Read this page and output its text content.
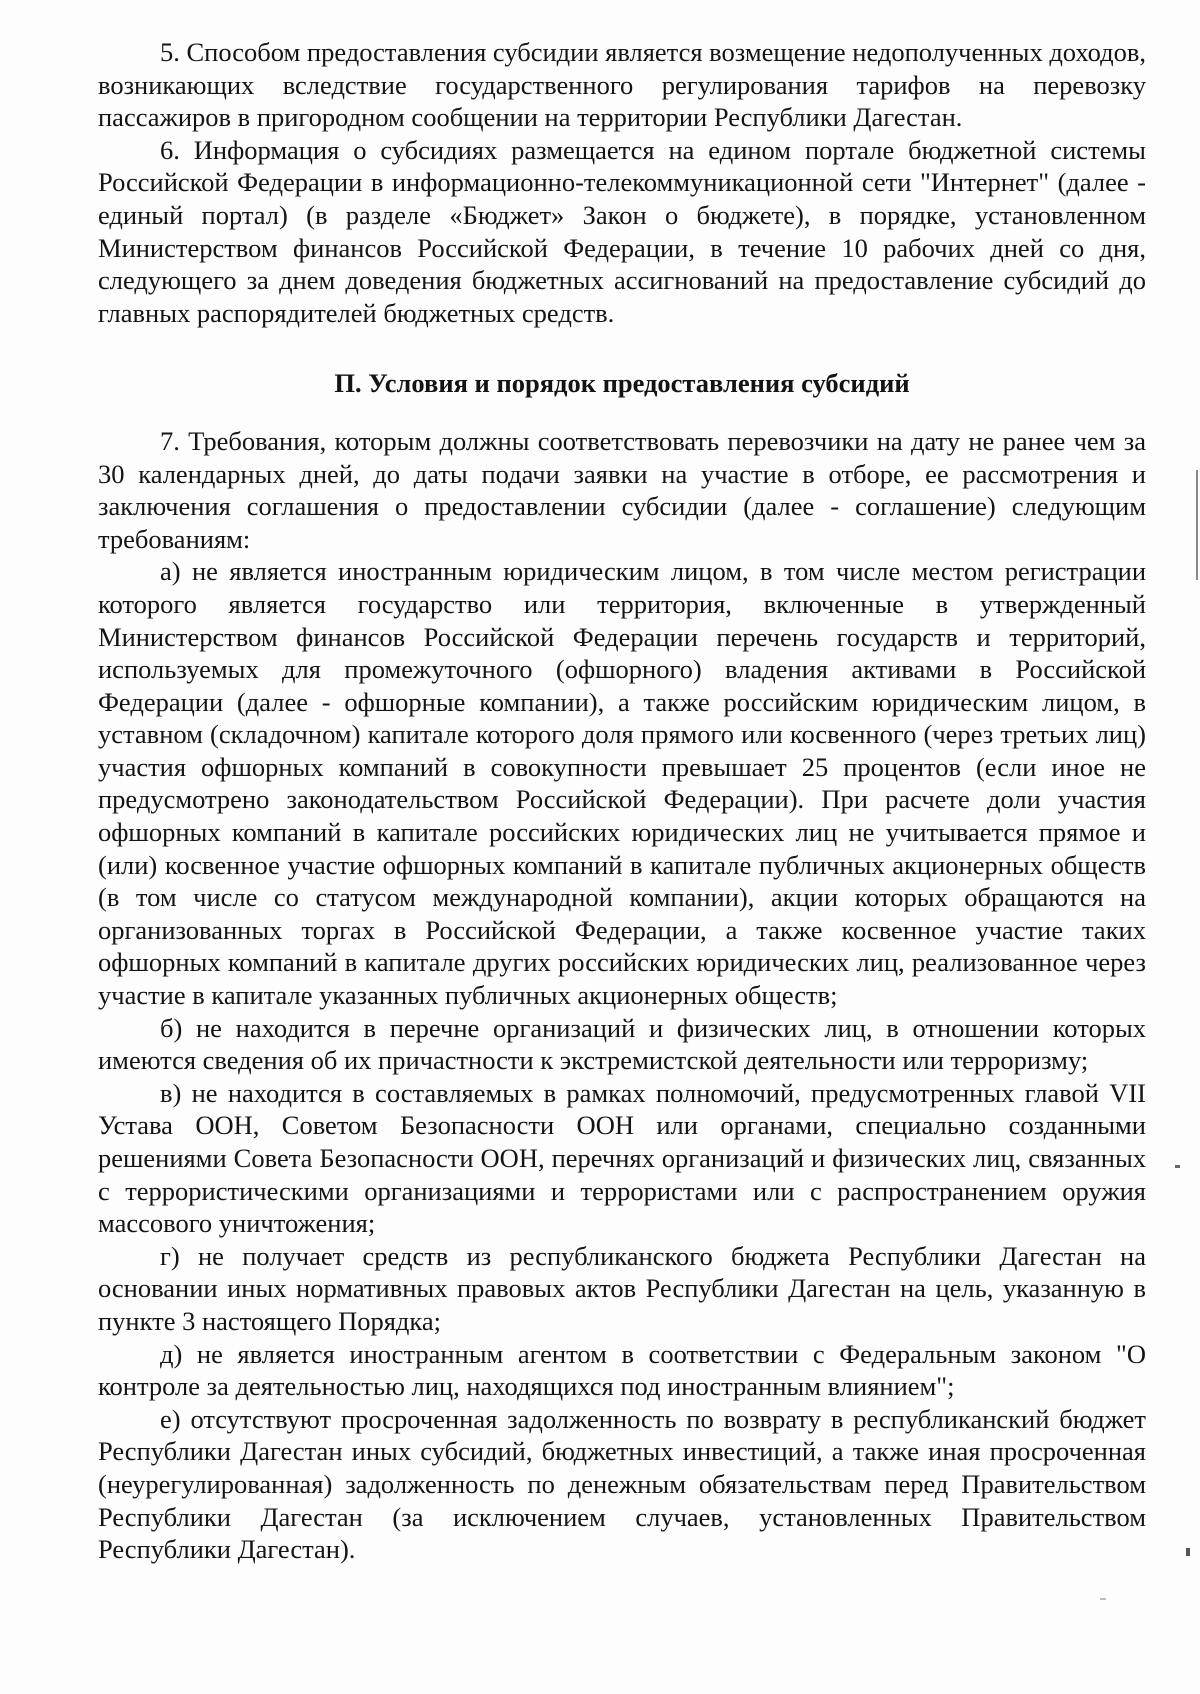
5. Способом предоставления субсидии является возмещение недополученных доходов, возникающих вследствие государственного регулирования тарифов на перевозку пассажиров в пригородном сообщении на территории Республики Дагестан.

6. Информация о субсидиях размещается на едином портале бюджетной системы Российской Федерации в информационно-телекоммуникационной сети "Интернет" (далее - единый портал) (в разделе «Бюджет» Закон о бюджете), в порядке, установленном Министерством финансов Российской Федерации, в течение 10 рабочих дней со дня, следующего за днем доведения бюджетных ассигнований на предоставление субсидий до главных распорядителей бюджетных средств.

П. Условия и порядок предоставления субсидий

7. Требования, которым должны соответствовать перевозчики на дату не ранее чем за 30 календарных дней, до даты подачи заявки на участие в отборе, ее рассмотрения и заключения соглашения о предоставлении субсидии (далее - соглашение) следующим требованиям:

а) не является иностранным юридическим лицом, в том числе местом регистрации которого является государство или территория, включенные в утвержденный Министерством финансов Российской Федерации перечень государств и территорий, используемых для промежуточного (офшорного) владения активами в Российской Федерации (далее - офшорные компании), а также российским юридическим лицом, в уставном (складочном) капитале которого доля прямого или косвенного (через третьих лиц) участия офшорных компаний в совокупности превышает 25 процентов (если иное не предусмотрено законодательством Российской Федерации). При расчете доли участия офшорных компаний в капитале российских юридических лиц не учитывается прямое и (или) косвенное участие офшорных компаний в капитале публичных акционерных обществ (в том числе со статусом международной компании), акции которых обращаются на организованных торгах в Российской Федерации, а также косвенное участие таких офшорных компаний в капитале других российских юридических лиц, реализованное через участие в капитале указанных публичных акционерных обществ;

б) не находится в перечне организаций и физических лиц, в отношении которых имеются сведения об их причастности к экстремистской деятельности или терроризму;

в) не находится в составляемых в рамках полномочий, предусмотренных главой VII Устава ООН, Советом Безопасности ООН или органами, специально созданными решениями Совета Безопасности ООН, перечнях организаций и физических лиц, связанных с террористическими организациями и террористами или с распространением оружия массового уничтожения;

г) не получает средств из республиканского бюджета Республики Дагестан на основании иных нормативных правовых актов Республики Дагестан на цель, указанную в пункте 3 настоящего Порядка;

д) не является иностранным агентом в соответствии с Федеральным законом "О контроле за деятельностью лиц, находящихся под иностранным влиянием";

е) отсутствуют просроченная задолженность по возврату в республиканский бюджет Республики Дагестан иных субсидий, бюджетных инвестиций, а также иная просроченная (неурегулированная) задолженность по денежным обязательствам перед Правительством Республики Дагестан (за исключением случаев, установленных Правительством Республики Дагестан).
